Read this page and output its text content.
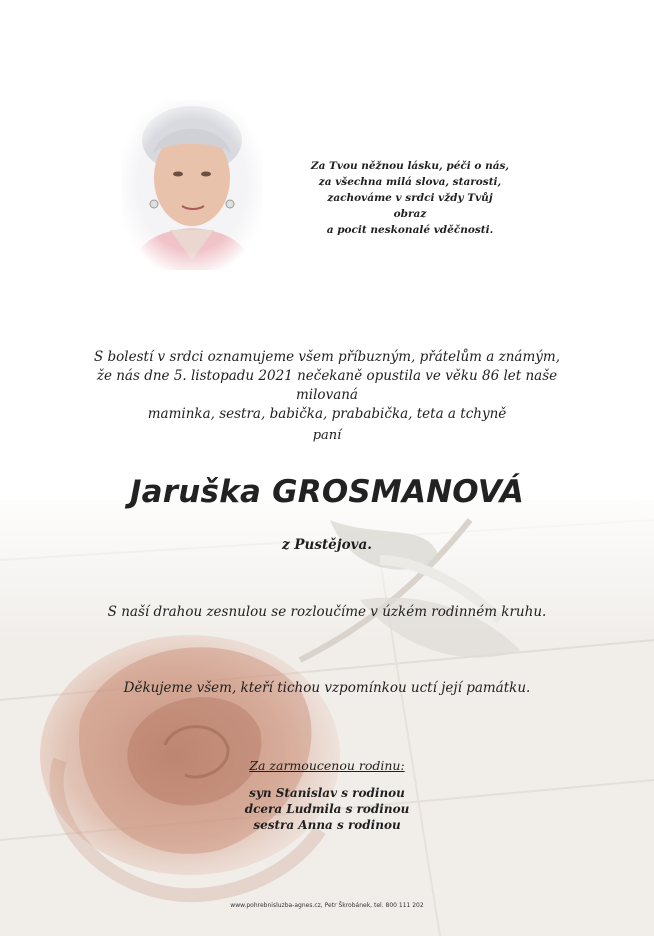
Za Tvou něžnou lásku, péči o nás,
za všechna milá slova, starosti,
zachováme v srdci vždy Tvůj obraz
a pocit neskonalé vděčnosti.
S bolestí v srdci oznamujeme všem příbuzným, přátelům a známým,
že nás dne 5. listopadu 2021 nečekaně opustila ve věku 86 let naše milovaná
maminka, sestra, babička, prababička, teta a tchyně
paní
Jaruška GROSMANOVÁ
z Pustějova.
S naší drahou zesnulou se rozloučíme v úzkém rodinném kruhu.
Děkujeme všem, kteří tichou vzpomínkou uctí její památku.
Za zarmoucenou rodinu:
syn Stanislav s rodinou
dcera Ludmila s rodinou
sestra Anna s rodinou
www.pohrebnisluzba-agnes.cz, Petr Škrobánek, tel. 800 111 202
